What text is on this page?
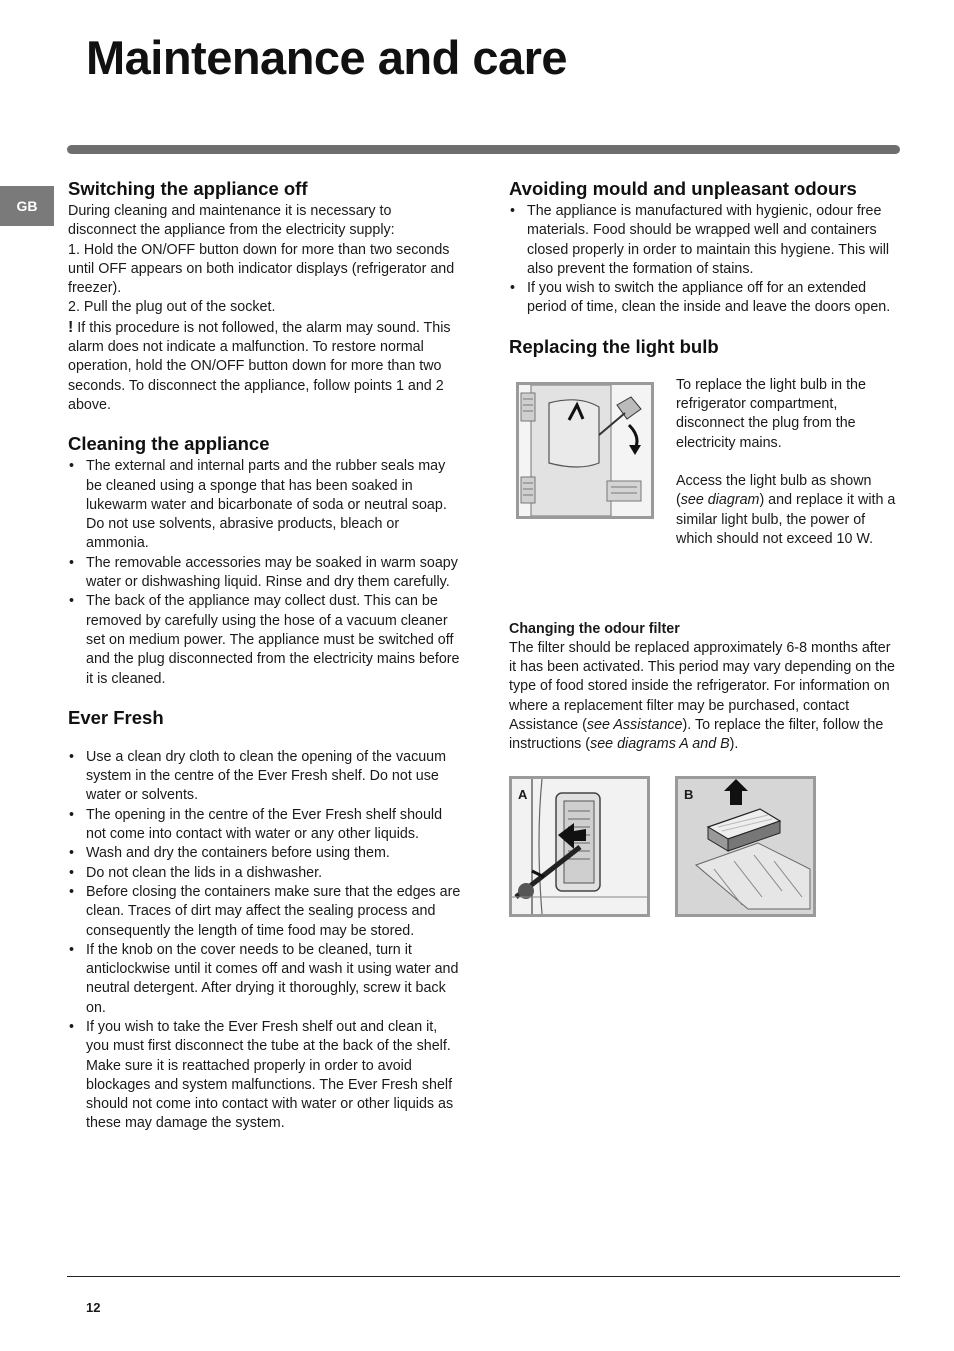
Maintenance and care
GB
Switching the appliance off

During cleaning and maintenance it is necessary to disconnect the appliance from the electricity supply:

1. Hold the ON/OFF button down for more than two seconds until OFF appears on both indicator displays (refrigerator and freezer).

2. Pull the plug out of the socket.

! If this procedure is not followed, the alarm may sound. This alarm does not indicate a malfunction. To restore normal operation, hold the ON/OFF button down for more than two seconds. To disconnect the appliance, follow points 1 and 2 above.

Cleaning the appliance
• The external and internal parts and the rubber seals may be cleaned using a sponge that has been soaked in lukewarm water and bicarbonate of soda or neutral soap. Do not use solvents, abrasive products, bleach or ammonia.
• The removable accessories may be soaked in warm soapy water or dishwashing liquid. Rinse and dry them carefully.
• The back of the appliance may collect dust. This can be removed by carefully using the hose of a vacuum cleaner set on medium power. The appliance must be switched off and the plug disconnected from the electricity mains before it is cleaned.
Ever Fresh
• Use a clean dry cloth to clean the opening of the vacuum system in the centre of the Ever Fresh shelf. Do not use water or solvents.
• The opening in the centre of the Ever Fresh shelf should not come into contact with water or any other liquids.
• Wash and dry the containers before using them.
• Do not clean the lids in a dishwasher.
• Before closing the containers make sure that the edges are clean. Traces of dirt may affect the sealing process and consequently the length of time food may be stored.
• If the knob on the cover needs to be cleaned, turn it anticlockwise until it comes off and wash it using water and neutral detergent. After drying it thoroughly, screw it back on.
• If you wish to take the Ever Fresh shelf out and clean it, you must first disconnect the tube at the back of the shelf. Make sure it is reattached properly in order to avoid blockages and system malfunctions. The Ever Fresh shelf should not come into contact with water or other liquids as these may damage the system.
Avoiding mould and unpleasant odours
• The appliance is manufactured with hygienic, odour free materials. Food should be wrapped well and containers closed properly in order to maintain this hygiene. This will also prevent the formation of stains.
• If you wish to switch the appliance off for an extended period of time, clean the inside and leave the doors open.
Replacing the light bulb

To replace the light bulb in the refrigerator compartment, disconnect the plug from the electricity mains.

Access the light bulb as shown (see diagram) and replace it with a similar light bulb, the power of which should not exceed 10 W.

Changing the odour filter

The filter should be replaced approximately 6-8 months after it has been activated. This period may vary depending on the type of food stored inside the refrigerator. For information on where a replacement filter may be purchased, contact Assistance (see Assistance). To replace the filter, follow the instructions (see diagrams A and B).

A	B
12
